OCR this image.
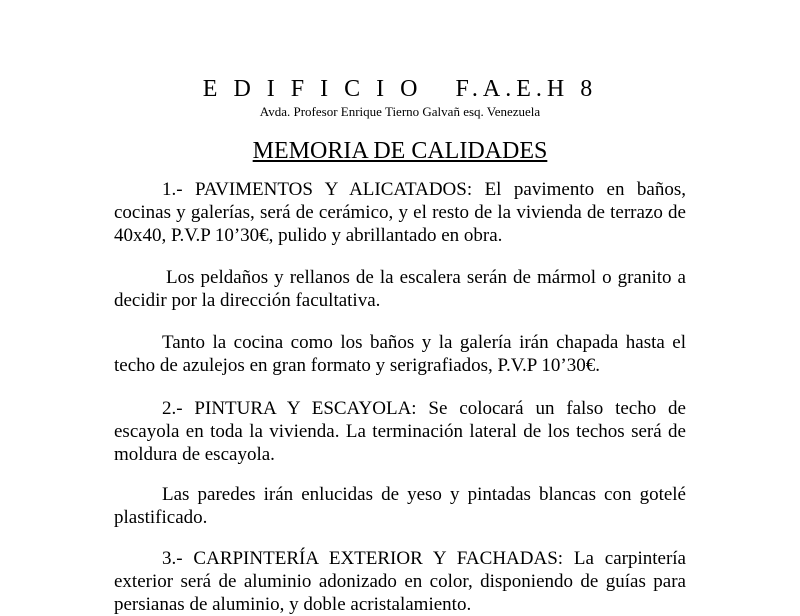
E D I F I C I O   F.A.E.H 8
Avda. Profesor Enrique Tierno Galvañ esq. Venezuela
MEMORIA DE CALIDADES

1.- PAVIMENTOS Y ALICATADOS: El pavimento en baños, cocinas y galerías, será de cerámico, y el resto de la vivienda de terrazo de 40x40, P.V.P 10’30€, pulido y abrillantado en obra.

Los peldaños y rellanos de la escalera serán de mármol o granito a decidir por la dirección facultativa.

Tanto la cocina como los baños y la galería irán chapada hasta el techo de azulejos en gran formato y serigrafiados, P.V.P 10’30€.

2.- PINTURA Y ESCAYOLA: Se colocará un falso techo de escayola en toda la vivienda. La terminación lateral de los techos será de moldura de escayola.

Las paredes irán enlucidas de yeso y pintadas blancas con gotelé plastificado.

3.- CARPINTERÍA EXTERIOR Y FACHADAS: La carpintería exterior será de aluminio adonizado en color, disponiendo de guías para persianas de aluminio, y doble acristalamiento.
